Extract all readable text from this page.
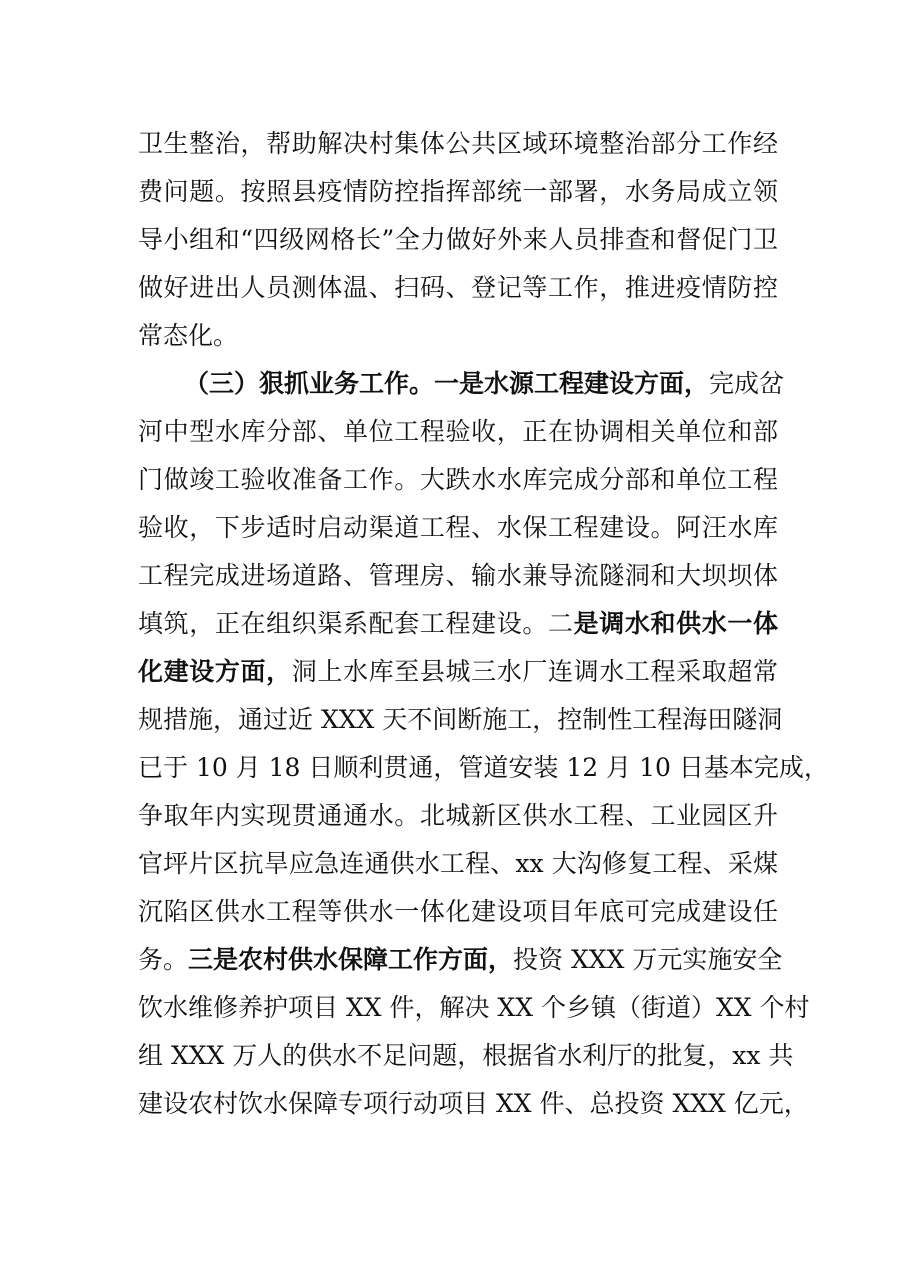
卫生整治，帮助解决村集体公共区域环境整治部分工作经
费问题。按照县疫情防控指挥部统一部署，水务局成立领
导小组和“四级网格长”全力做好外来人员排查和督促门卫
做好进出人员测体温、扫码、登记等工作，推进疫情防控
常态化。
（三）狠抓业务工作。一是水源工程建设方面，完成岔
河中型水库分部、单位工程验收，正在协调相关单位和部
门做竣工验收准备工作。大跌水水库完成分部和单位工程
验收，下步适时启动渠道工程、水保工程建设。阿汪水库
工程完成进场道路、管理房、输水兼导流隧洞和大坝坝体
填筑，正在组织渠系配套工程建设。二是调水和供水一体
化建设方面，洞上水库至县城三水厂连调水工程采取超常
规措施，通过近 XXX 天不间断施工，控制性工程海田隧洞
已于 10 月 18 日顺利贯通，管道安装 12 月 10 日基本完成，
争取年内实现贯通通水。北城新区供水工程、工业园区升
官坪片区抗旱应急连通供水工程、xx 大沟修复工程、采煤
沉陷区供水工程等供水一体化建设项目年底可完成建设任
务。三是农村供水保障工作方面，投资 XXX 万元实施安全
饮水维修养护项目 XX 件，解决 XX 个乡镇（街道）XX 个村
组 XXX 万人的供水不足问题，根据省水利厅的批复，xx 共
建设农村饮水保障专项行动项目 XX 件、总投资 XXX 亿元，
